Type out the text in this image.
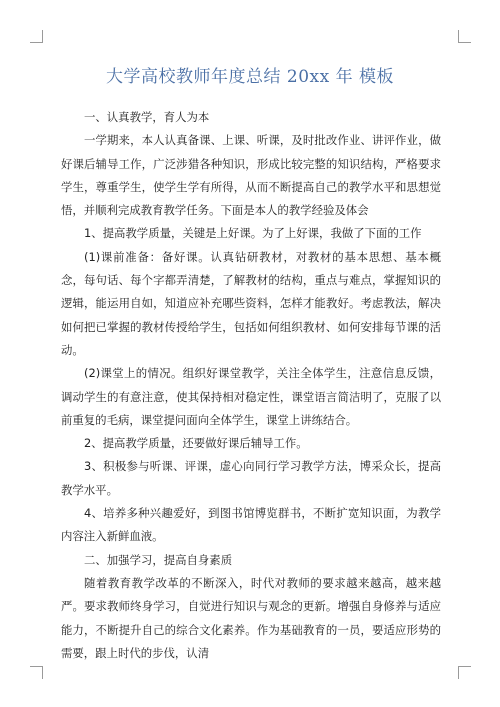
大学高校教师年度总结 20xx 年 模板

一、认真教学，育人为本

一学期来，本人认真备课、上课、听课，及时批改作业、讲评作业，做好课后辅导工作，广泛涉猎各种知识，形成比较完整的知识结构，严格要求学生，尊重学生，使学生学有所得，从而不断提高自己的教学水平和思想觉悟，并顺利完成教育教学任务。下面是本人的教学经验及体会

1、提高教学质量，关键是上好课。为了上好课，我做了下面的工作

(1)课前准备：备好课。认真钻研教材，对教材的基本思想、基本概念，每句话、每个字都弄清楚，了解教材的结构，重点与难点，掌握知识的逻辑，能运用自如，知道应补充哪些资料，怎样才能教好。考虑教法，解决如何把已掌握的教材传授给学生，包括如何组织教材、如何安排每节课的活动。

(2)课堂上的情况。组织好课堂教学，关注全体学生，注意信息反馈，调动学生的有意注意，使其保持相对稳定性，课堂语言简洁明了，克服了以前重复的毛病，课堂提问面向全体学生，课堂上讲练结合。

2、提高教学质量，还要做好课后辅导工作。

3、积极参与听课、评课，虚心向同行学习教学方法，博采众长，提高教学水平。

4、培养多种兴趣爱好，到图书馆博览群书，不断扩宽知识面，为教学内容注入新鲜血液。

二、加强学习，提高自身素质

随着教育教学改革的不断深入，时代对教师的要求越来越高，越来越严。要求教师终身学习，自觉进行知识与观念的更新。增强自身修养与适应能力，不断提升自己的综合文化素养。作为基础教育的一员，要适应形势的需要，跟上时代的步伐，认清
